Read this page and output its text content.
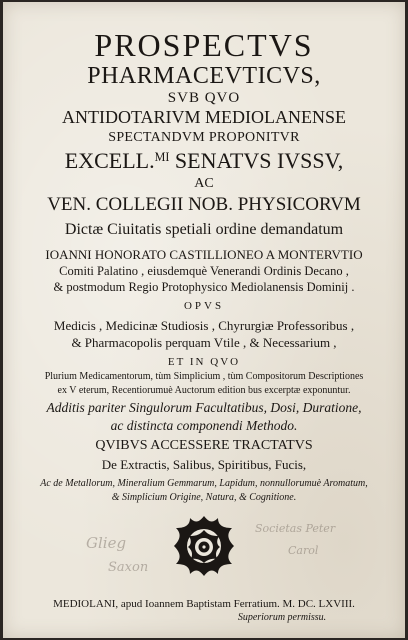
PROSPECTVS
PHARMACEVTICVS,
SVB QVO
ANTIDOTARIVM MEDIOLANENSE
SPECTANDVM PROPONITVR
EXCELL.$^{MI}$ SENATVS IVSSV,
AC
VEN. COLLEGII NOB. PHYSICORVM
Dictæ Ciuitatis spetiali ordine demandatum
IOANNI HONORATO CASTILLIONEO A MONTERVTIO
Comiti Palatino , eiusdemquè Venerandi Ordinis Decano ,
& postmodum Regio Protophysico Mediolanensis Dominij .
OPVS
Medicis , Medicinæ Studiosis , Chyrurgiæ Professoribus ,
& Pharmacopolis perquam Vtile , & Necessarium ,
ET IN QVO
Plurium Medicamentorum, tùm Simplicium , tùm Compositorum Descriptiones
ex V eterum, Recentiorumuè Auctorum edition bus excerptæ exponuntur.
Additis pariter Singulorum Facultatibus, Dosi, Duratione,
ac distincta componendi Methodo.
QVIBVS ACCESSERE TRACTATVS
De Extractis, Salibus, Spiritibus, Fucis,
Ac de Metallorum, Mineralium Gemmarum, Lapidum, nonnullorumuè Aromatum,
& Simplicium Origine, Natura, & Cognitione.
Glieg
Saxon
Societas Peter
Carol
MEDIOLANI, apud Ioannem Baptistam Ferratium. M. DC. LXVIII.
Superiorum permissu.
